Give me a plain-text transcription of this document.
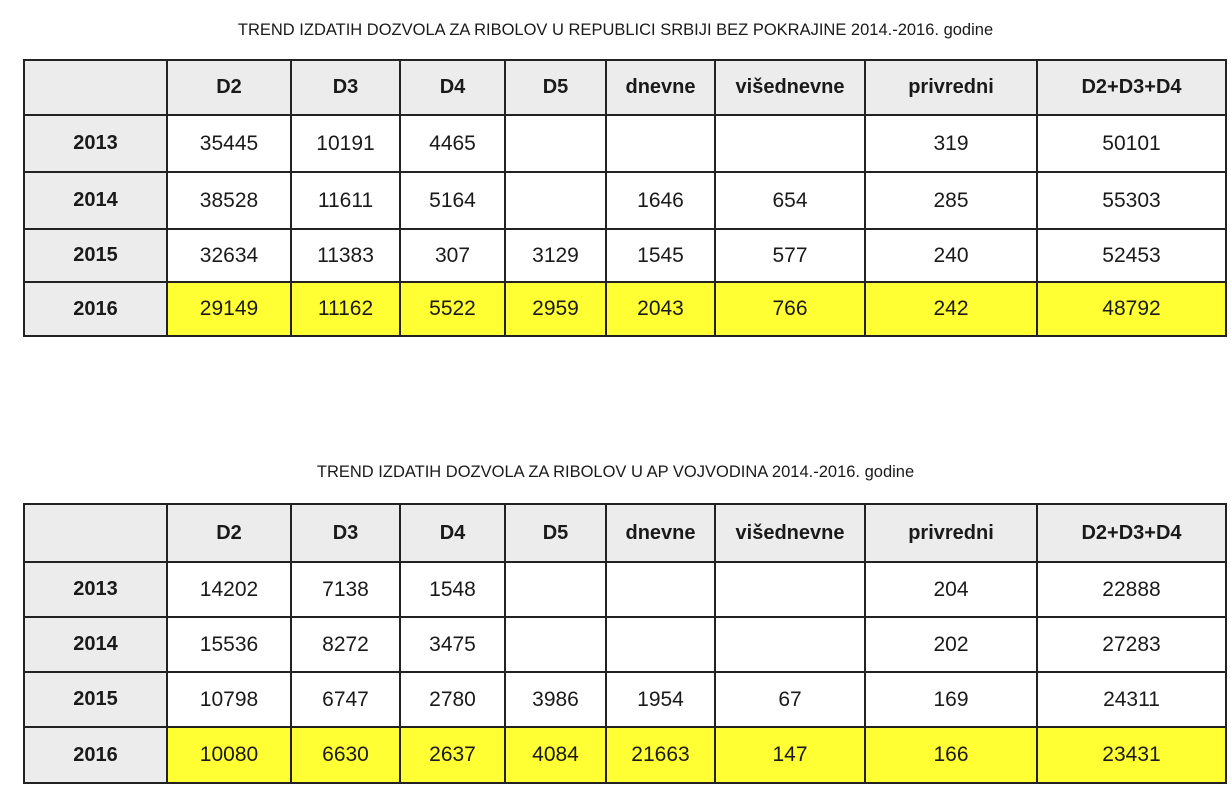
TREND IZDATIH DOZVOLA ZA RIBOLOV U REPUBLICI SRBIJI BEZ POKRAJINE 2014.-2016. godine
	D2	D3	D4	D5	dnevne	višednevne	privredni	D2+D3+D4
2013	35445	10191	4465				319	50101
2014	38528	11611	5164		1646	654	285	55303
2015	32634	11383	307	3129	1545	577	240	52453
2016	29149	11162	5522	2959	2043	766	242	48792
TREND IZDATIH DOZVOLA ZA RIBOLOV U AP VOJVODINA 2014.-2016. godine
	D2	D3	D4	D5	dnevne	višednevne	privredni	D2+D3+D4
2013	14202	7138	1548				204	22888
2014	15536	8272	3475				202	27283
2015	10798	6747	2780	3986	1954	67	169	24311
2016	10080	6630	2637	4084	21663	147	166	23431
